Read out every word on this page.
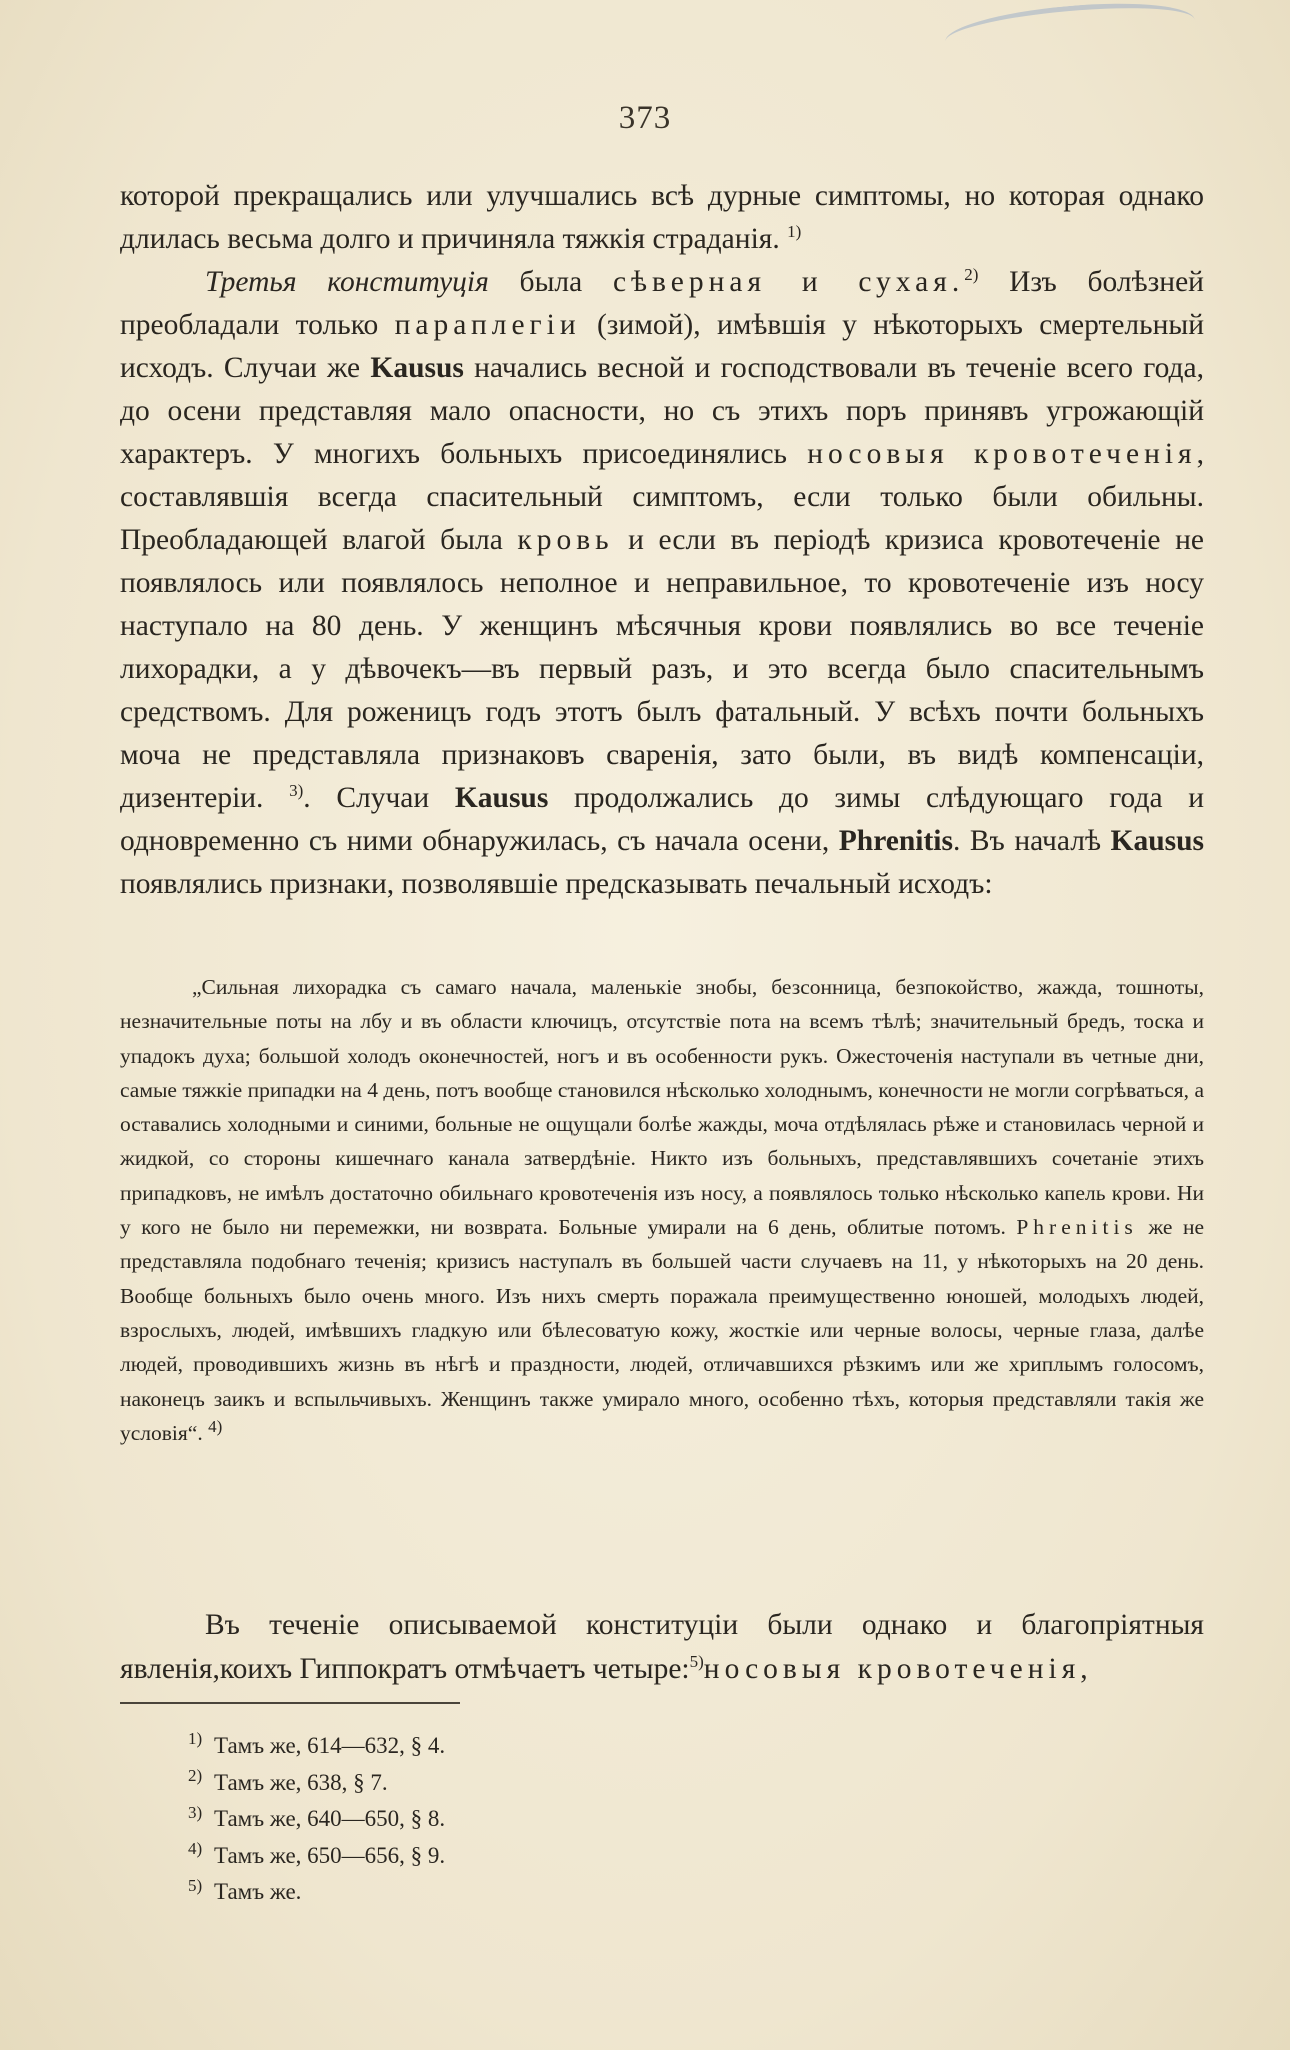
373

которой прекращались или улучшались всѣ дурные симптомы, но которая однако длилась весьма долго и причиняла тяжкія страданія. $^{1)}$

Третья конституція была сѣверная и сухая.$^{2)}$ Изъ болѣзней преобладали только параплегіи (зимой), имѣвшія у нѣкоторыхъ смертельный исходъ. Случаи же Kausus начались весной и господствовали въ теченіе всего года, до осени представляя мало опасности, но съ этихъ поръ принявъ угрожающій характеръ. У многихъ больныхъ присоединялись носовыя кровотеченія, составлявшія всегда спасительный симптомъ, если только были обильны. Преобладающей влагой была кровь и если въ періодѣ кризиса кровотеченіе не появлялось или появлялось неполное и неправильное, то кровотеченіе изъ носу наступало на 80 день. У женщинъ мѣсячныя крови появлялись во все теченіе лихорадки, а у дѣвочекъ—въ первый разъ, и это всегда было спасительнымъ средствомъ. Для роженицъ годъ этотъ былъ фатальный. У всѣхъ почти больныхъ моча не представляла признаковъ сваренія, зато были, въ видѣ компенсаціи, дизентеріи. $^{3)}$. Случаи Kausus продолжались до зимы слѣдующаго года и одновременно съ ними обнаружилась, съ начала осени, Phrenitis. Въ началѣ Kausus появлялись признаки, позволявшіе предсказывать печальный исходъ:

„Сильная лихорадка съ самаго начала, маленькіе знобы, безсонница, безпокойство, жажда, тошноты, незначительные поты на лбу и въ области ключицъ, отсутствіе пота на всемъ тѣлѣ; значительный бредъ, тоска и упадокъ духа; большой холодъ оконечностей, ногъ и въ особенности рукъ. Ожесточенія наступали въ четные дни, самые тяжкіе припадки на 4 день, потъ вообще становился нѣсколько холоднымъ, конечности не могли согрѣваться, а оставались холодными и синими, больные не ощущали болѣе жажды, моча отдѣлялась рѣже и становилась черной и жидкой, со стороны кишечнаго канала затвердѣніе. Никто изъ больныхъ, представлявшихъ сочетаніе этихъ припадковъ, не имѣлъ достаточно обильнаго кровотеченія изъ носу, а появлялось только нѣсколько капель крови. Ни у кого не было ни перемежки, ни возврата. Больные умирали на 6 день, облитые потомъ. Phrenitis же не представляла подобнаго теченія; кризисъ наступалъ въ большей части случаевъ на 11, у нѣкоторыхъ на 20 день. Вообще больныхъ было очень много. Изъ нихъ смерть поражала преимущественно юношей, молодыхъ людей, взрослыхъ, людей, имѣвшихъ гладкую или бѣлесоватую кожу, жосткіе или черные волосы, черные глаза, далѣе людей, проводившихъ жизнь въ нѣгѣ и праздности, людей, отличавшихся рѣзкимъ или же хриплымъ голосомъ, наконецъ заикъ и вспыльчивыхъ. Женщинъ также умирало много, особенно тѣхъ, которыя представляли такія же условія“. $^{4)}$

Въ теченіе описываемой конституціи были однако и благопріятныя явленія,коихъ Гиппократъ отмѣчаетъ четыре:$^{5)}$носовыя кровотеченія,

$^{1)}$ Тамъ же, 614—632, § 4.
$^{2)}$ Тамъ же, 638, § 7.
$^{3)}$ Тамъ же, 640—650, § 8.
$^{4)}$ Тамъ же, 650—656, § 9.
$^{5)}$ Тамъ же.
